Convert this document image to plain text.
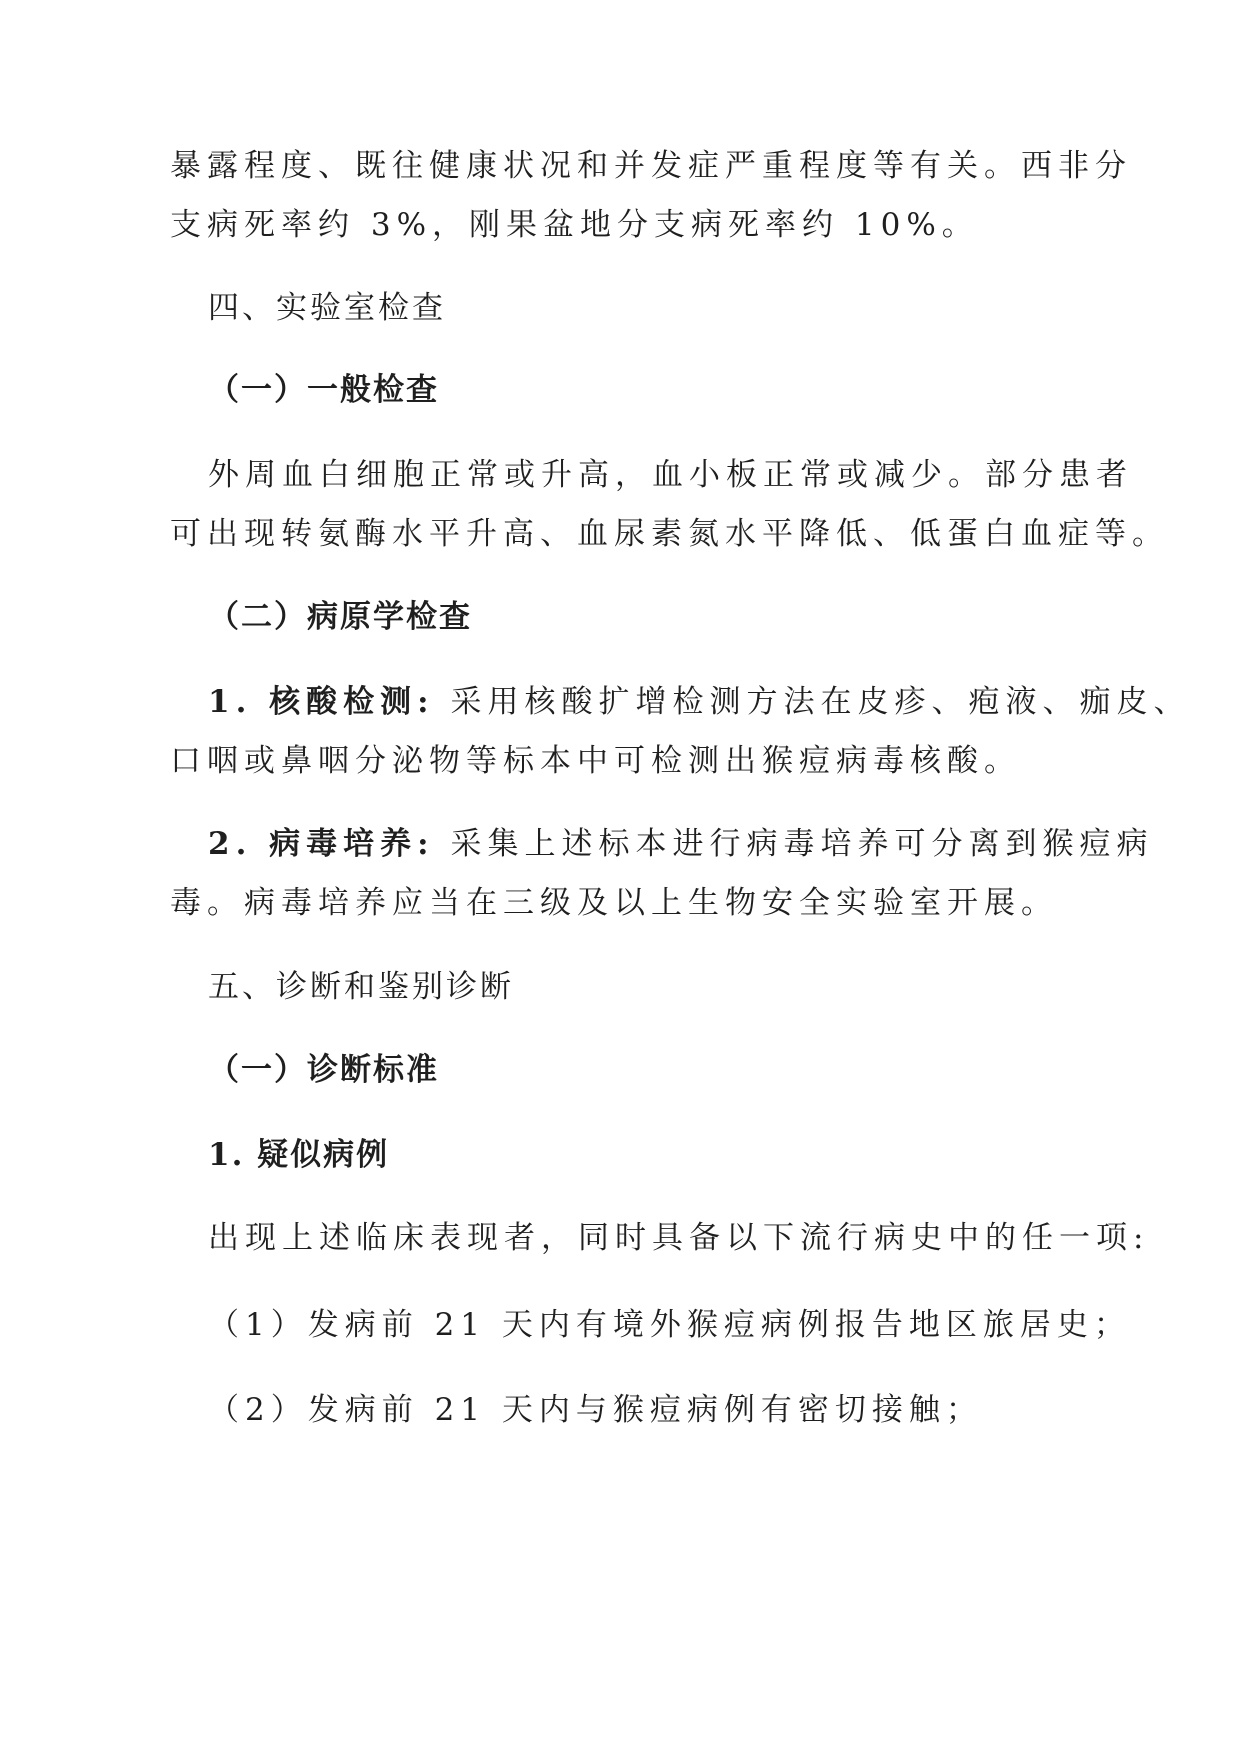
暴露程度、既往健康状况和并发症严重程度等有关。西非分
支病死率约 3%，刚果盆地分支病死率约 10%。
四、实验室检查
（一）一般检查
外周血白细胞正常或升高，血小板正常或减少。部分患者
可出现转氨酶水平升高、血尿素氮水平降低、低蛋白血症等。
（二）病原学检查
1. 核酸检测: 采用核酸扩增检测方法在皮疹、疱液、痂皮、
口咽或鼻咽分泌物等标本中可检测出猴痘病毒核酸。
2. 病毒培养: 采集上述标本进行病毒培养可分离到猴痘病
毒。病毒培养应当在三级及以上生物安全实验室开展。
五、诊断和鉴别诊断
（一）诊断标准
1. 疑似病例
出现上述临床表现者，同时具备以下流行病史中的任一项:
（1）发病前 21 天内有境外猴痘病例报告地区旅居史；
（2）发病前 21 天内与猴痘病例有密切接触；
